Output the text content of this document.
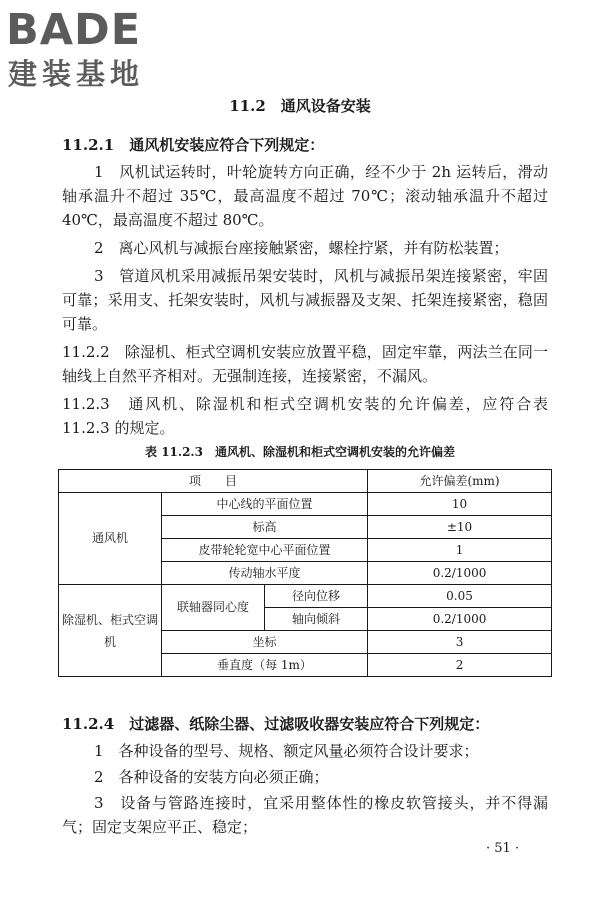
BADE
建装基地
11.2　通风设备安装

11.2.1　通风机安装应符合下列规定：

1　风机试运转时，叶轮旋转方向正确，经不少于 2h 运转后，滑动轴承温升不超过 35℃，最高温度不超过 70℃；滚动轴承温升不超过 40℃，最高温度不超过 80℃。

2　离心风机与减振台座接触紧密，螺栓拧紧，并有防松装置；

3　管道风机采用减振吊架安装时，风机与减振吊架连接紧密，牢固可靠；采用支、托架安装时，风机与减振器及支架、托架连接紧密，稳固可靠。

11.2.2　除湿机、柜式空调机安装应放置平稳，固定牢靠，两法兰在同一轴线上自然平齐相对。无强制连接，连接紧密，不漏风。

11.2.3　通风机、除湿机和柜式空调机安装的允许偏差，应符合表 11.2.3 的规定。

表 11.2.3　通风机、除湿机和柜式空调机安装的允许偏差
项　　目			允许偏差(mm)
通风机	中心线的平面位置		10
	标高		±10
	皮带轮轮宽中心平面位置		1
	传动轴水平度		0.2/1000
除湿机、柜式空调机	联轴器同心度	径向位移	0.05
		轴向倾斜	0.2/1000
	坐标		3
	垂直度（每 1m）		2

11.2.4　过滤器、纸除尘器、过滤吸收器安装应符合下列规定：

1　各种设备的型号、规格、额定风量必须符合设计要求；

2　各种设备的安装方向必须正确；

3　设备与管路连接时，宜采用整体性的橡皮软管接头，并不得漏气；固定支架应平正、稳定；

· 51 ·
